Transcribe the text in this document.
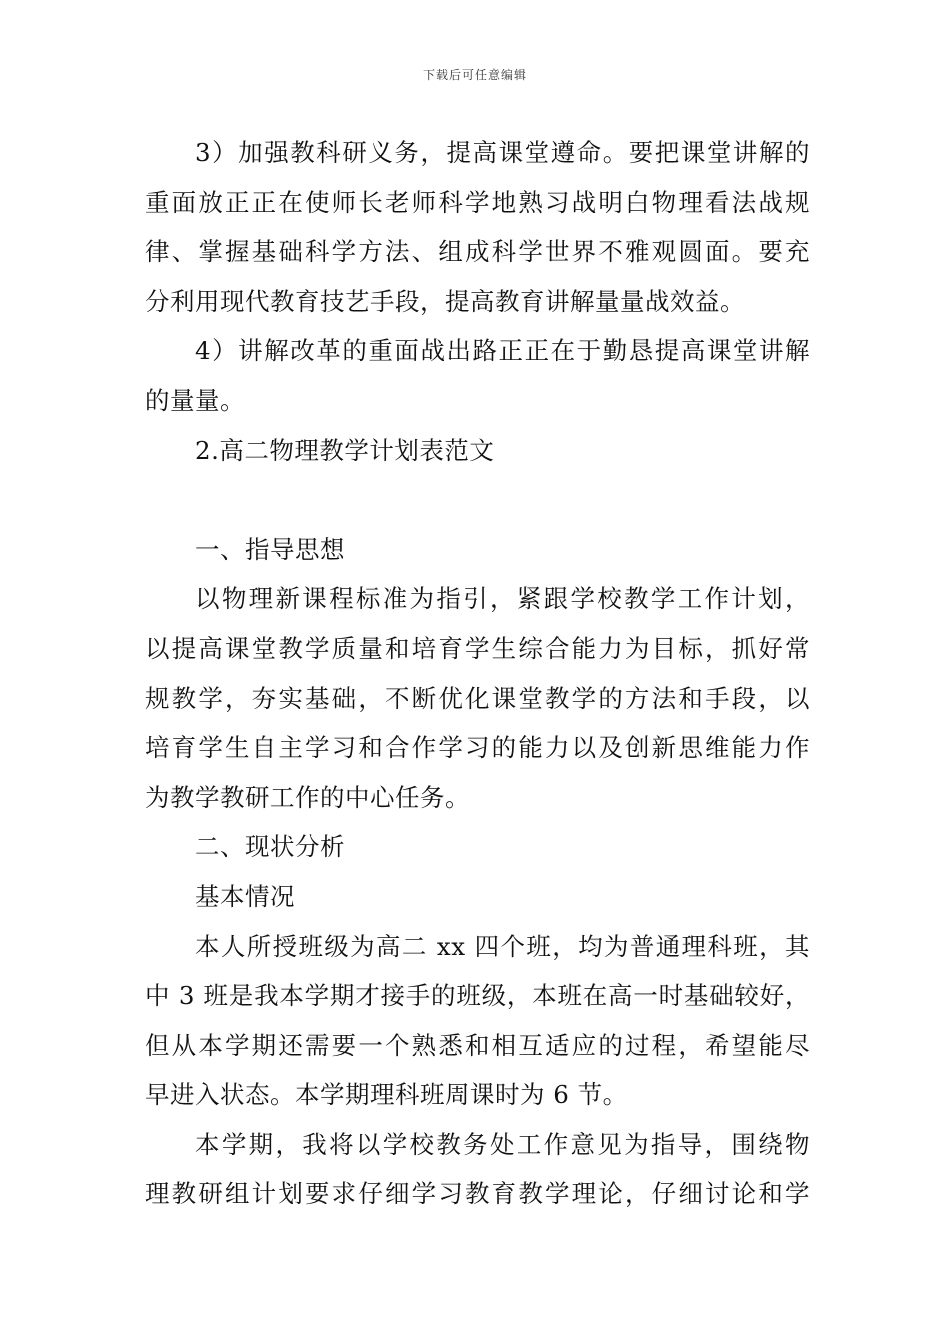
下载后可任意编辑
3）加强教科研义务，提高课堂遵命。要把课堂讲解的
重面放正正在使师长老师科学地熟习战明白物理看法战规
律、掌握基础科学方法、组成科学世界不雅观圆面。要充
分利用现代教育技艺手段，提高教育讲解量量战效益。
4）讲解改革的重面战出路正正在于勤恳提高课堂讲解
的量量。
2.高二物理教学计划表范文
一、指导思想
以物理新课程标准为指引，紧跟学校教学工作计划，
以提高课堂教学质量和培育学生综合能力为目标，抓好常
规教学，夯实基础，不断优化课堂教学的方法和手段，以
培育学生自主学习和合作学习的能力以及创新思维能力作
为教学教研工作的中心任务。
二、现状分析
基本情况
本人所授班级为高二 xx 四个班，均为普通理科班，其
中 3 班是我本学期才接手的班级，本班在高一时基础较好，
但从本学期还需要一个熟悉和相互适应的过程，希望能尽
早进入状态。本学期理科班周课时为 6 节。
本学期，我将以学校教务处工作意见为指导，围绕物
理教研组计划要求仔细学习教育教学理论，仔细讨论和学
